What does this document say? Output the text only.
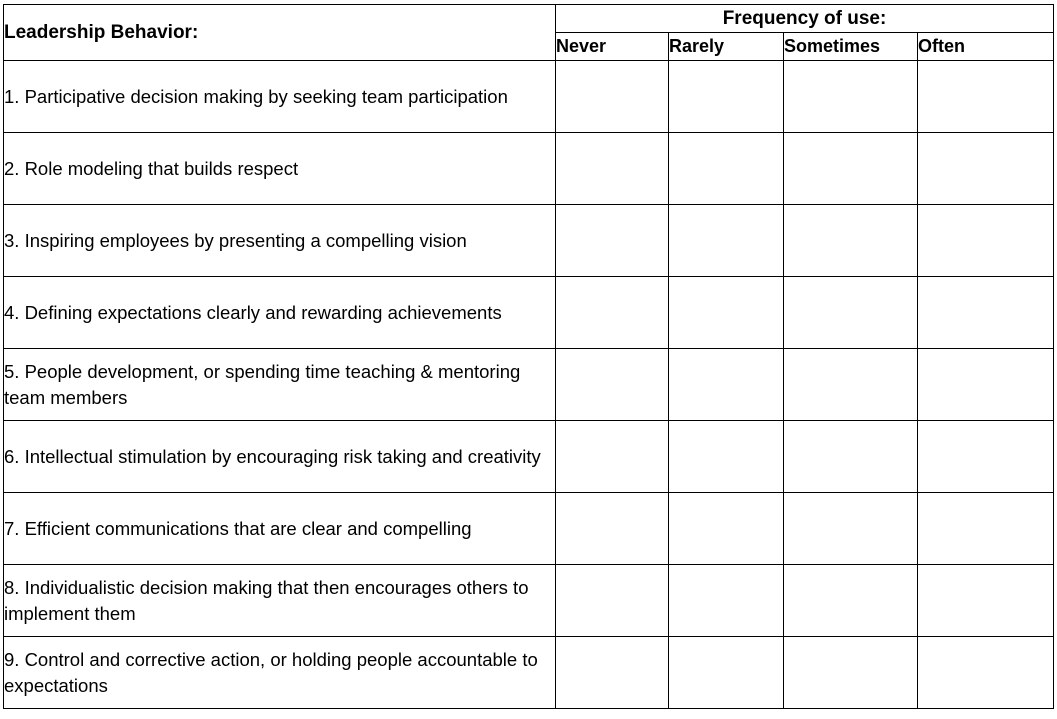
Leadership Behavior:	Frequency of use:			
	Never	Rarely	Sometimes	Often
1. Participative decision making by seeking team participation				
2. Role modeling that builds respect				
3. Inspiring employees by presenting a compelling vision				
4. Defining expectations clearly and rewarding achievements				
5. People development, or spending time teaching & mentoring team members				
6. Intellectual stimulation by encouraging risk taking and creativity				
7. Efficient communications that are clear and compelling				
8. Individualistic decision making that then encourages others to implement them				
9. Control and corrective action, or holding people accountable to expectations				
